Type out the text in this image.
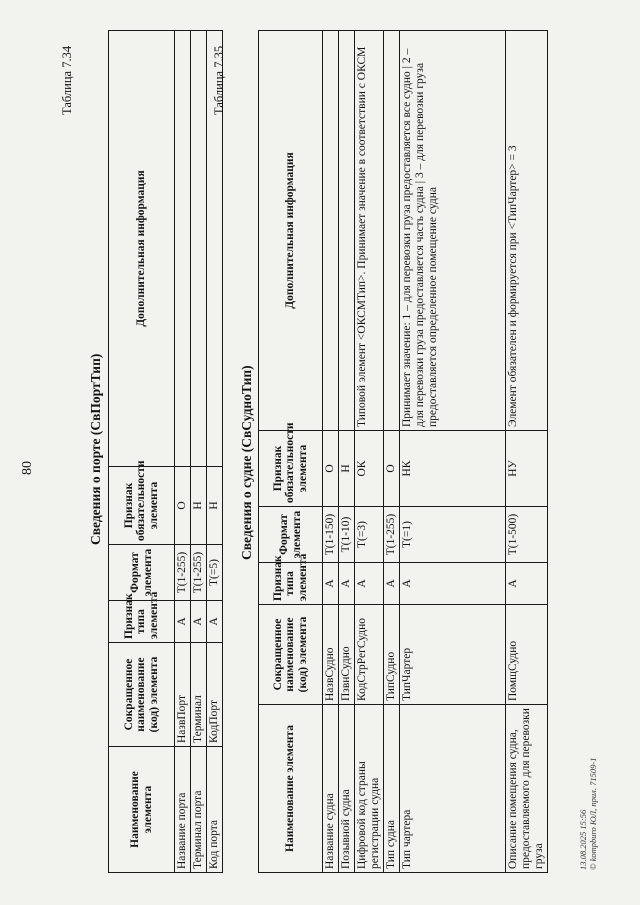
80
Таблица 7.34
Сведения о порте (СвПортТип)
Наименование элемента	Сокращенное наименование (код) элемента	Признак типа элемента	Формат элемента	Признак обязательности элемента	Дополнительная информация
Название порта	НазвПорт	А	T(1-255)	О	
Терминал порта	Терминал	А	T(1-255)	Н	
Код порта	КодПорт	А	T(=5)	Н	
Таблица 7.35
Сведения о судне (СвСудноТип)
Наименование элемента	Сокращенное наименование (код) элемента	Признак типа элемента	Формат элемента	Признак обязательности элемента	Дополнительная информация
Название судна	НазвСудно	А	T(1-150)	О	
Позывной судна	ПзвнСудно	А	T(1-10)	Н	
Цифровой код страны регистрации судна	КодСтрРегСудно	А	T(=3)	ОК	Типовой элемент <ОКСМТип>. Принимает значение в соответствии с ОКСМ
Тип судна	ТипСудно	А	T(1-255)	О	
Тип чартера	ТипЧартер	А	T(=1)	НК	Принимает значение: 1 – для перевозки груза предоставляется все судно | 2 – для перевозки груза предоставляется часть судна | 3 – для перевозки груза предоставляется определенное помещение судна
Описание помещения судна, предоставляемого для перевозки груза	ПомщСудно	А	T(1-500)	НУ	Элемент обязателен и формируется при <ТипЧартер> = 3
13.08.2025 15:56 © kompburo ЮЛ, прил. 71509-1
